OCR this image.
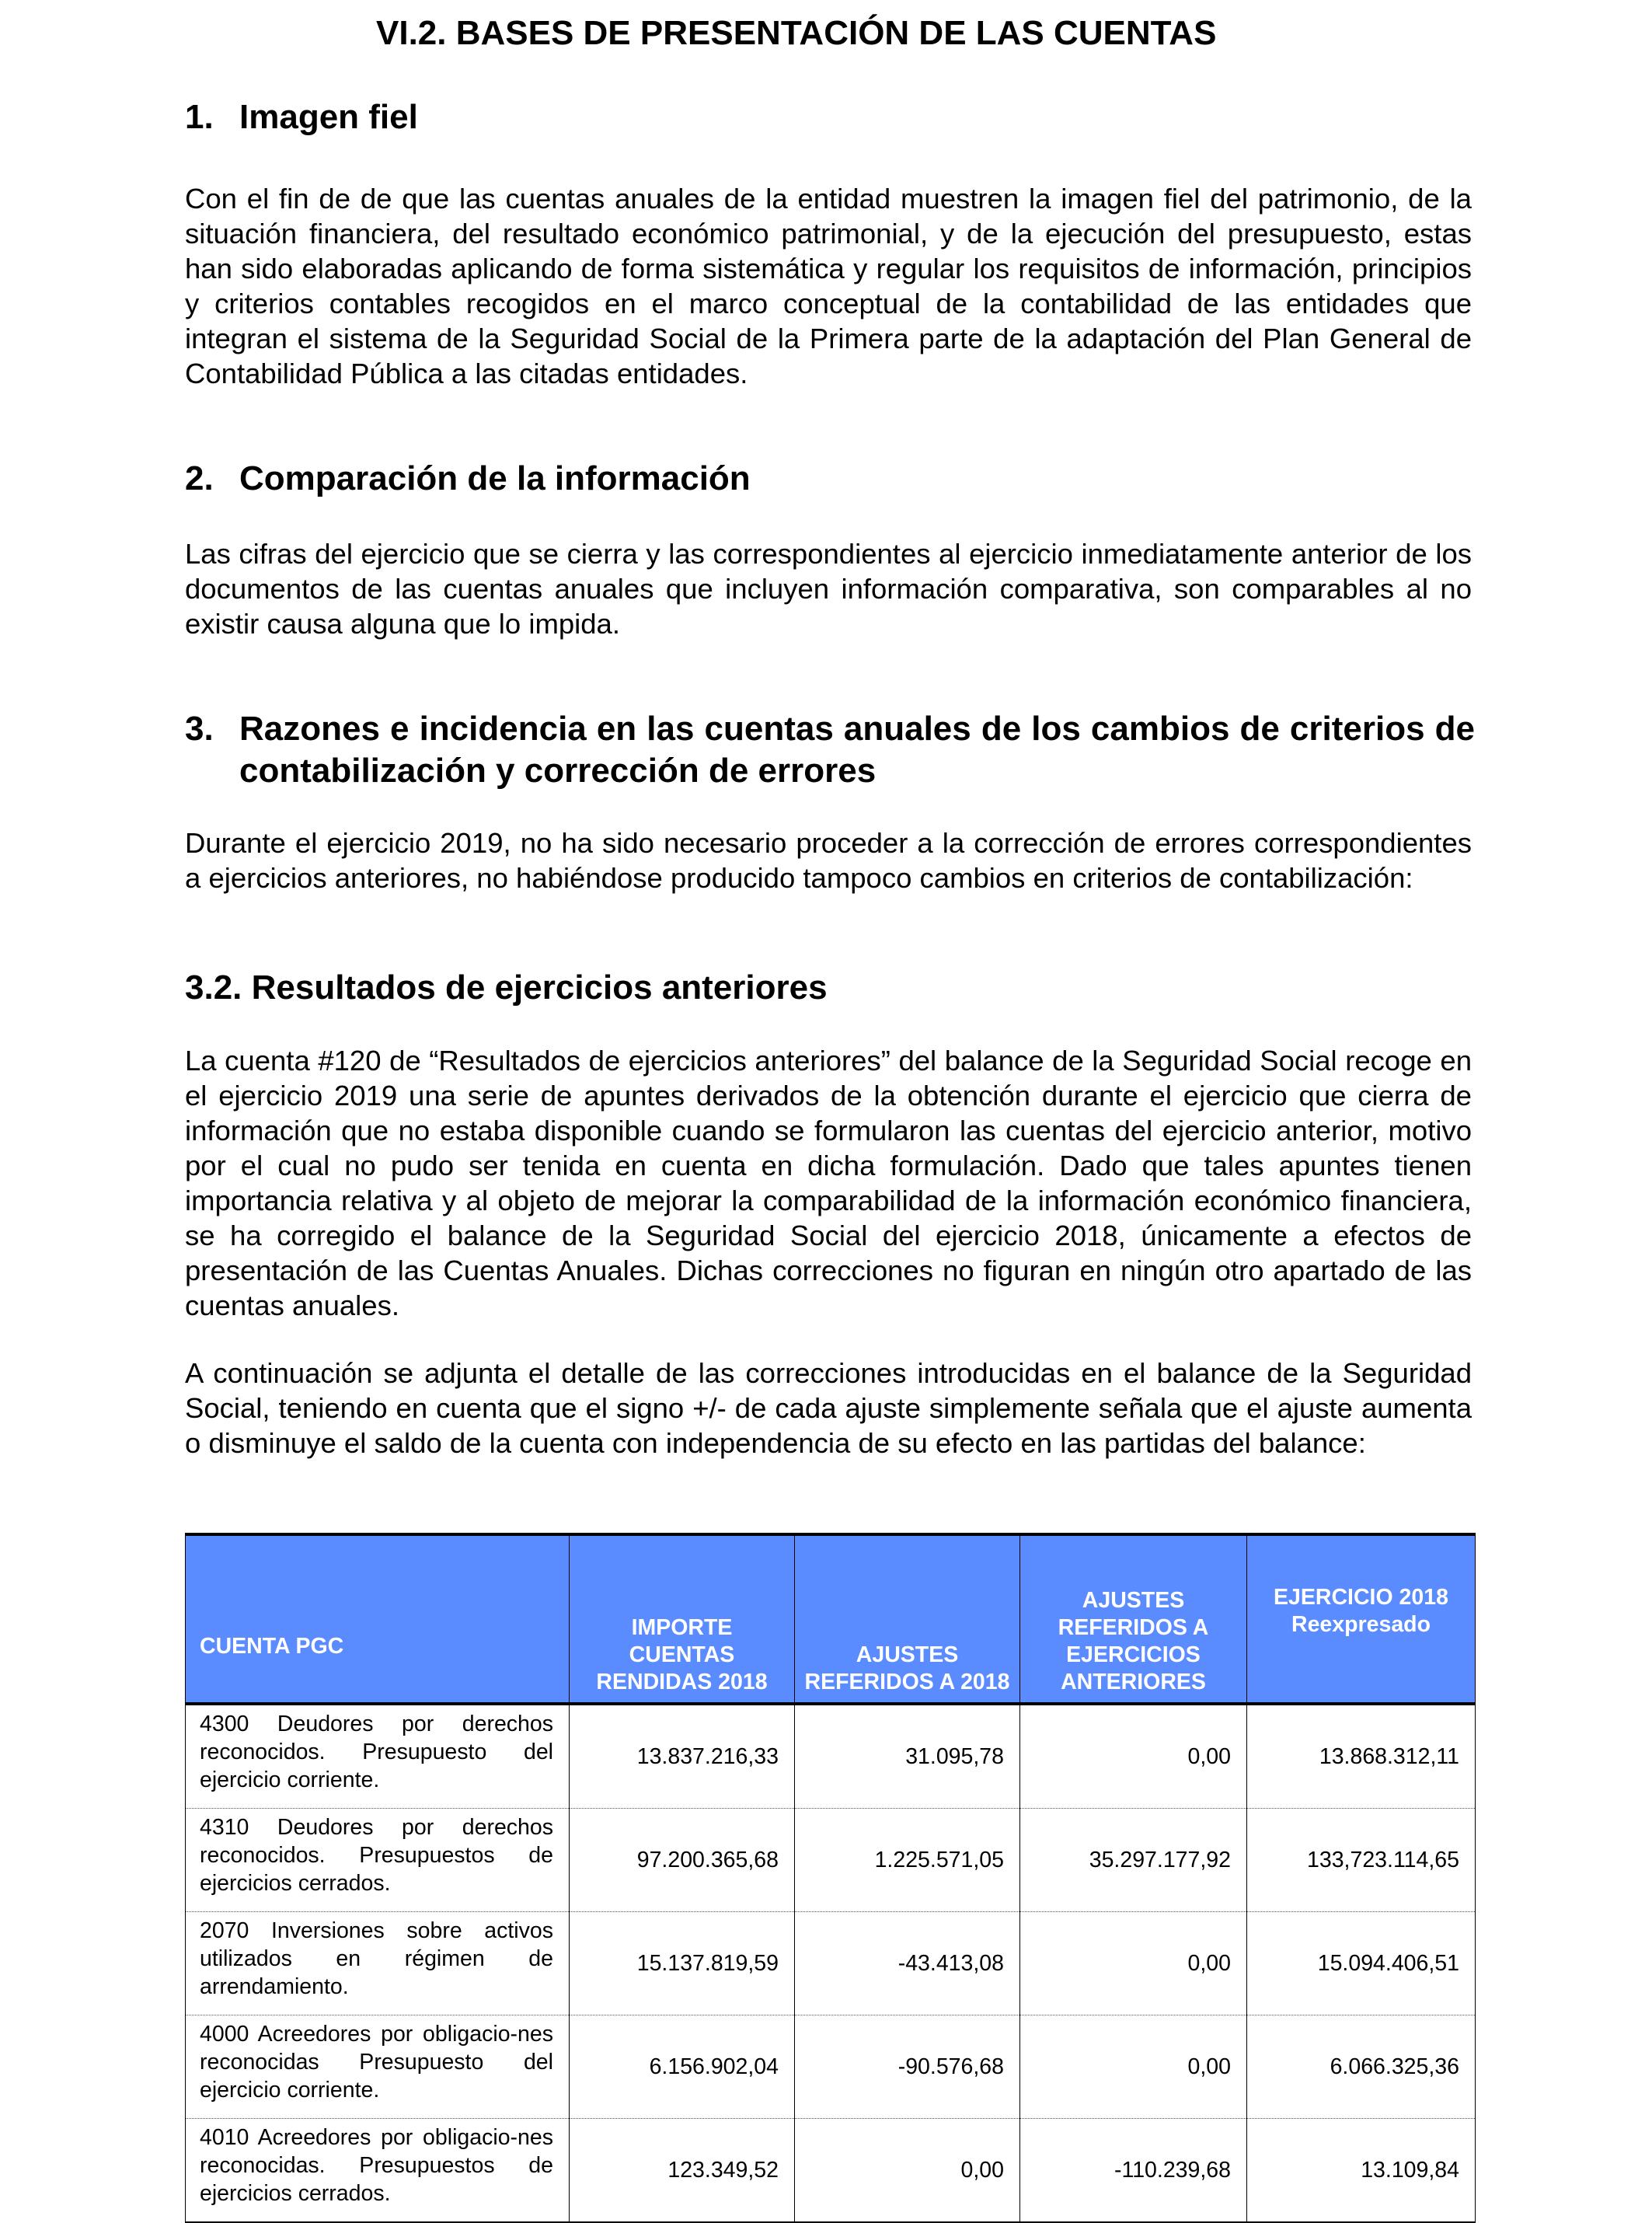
VI.2. BASES DE PRESENTACIÓN DE LAS CUENTAS
1. Imagen fiel

Con el fin de de que las cuentas anuales de la entidad muestren la imagen fiel del patrimonio, de la situación financiera, del resultado económico patrimonial, y de la ejecución del presupuesto, estas han sido elaboradas aplicando de forma sistemática y regular los requisitos de información, principios y criterios contables recogidos en el marco conceptual de la contabilidad de las entidades que integran el sistema de la Seguridad Social de la Primera parte de la adaptación del Plan General de Contabilidad Pública a las citadas entidades.

2. Comparación de la información

Las cifras del ejercicio que se cierra y las correspondientes al ejercicio inmediatamente anterior de los documentos de las cuentas anuales que incluyen información comparativa, son comparables al no existir causa alguna que lo impida.

3. Razones e incidencia en las cuentas anuales de los cambios de criterios de contabilización y corrección de errores

Durante el ejercicio 2019, no ha sido necesario proceder a la corrección de errores correspondientes a ejercicios anteriores, no habiéndose producido tampoco cambios en criterios de contabilización:

3.2. Resultados de ejercicios anteriores

La cuenta #120 de “Resultados de ejercicios anteriores” del balance de la Seguridad Social recoge en el ejercicio 2019 una serie de apuntes derivados de la obtención durante el ejercicio que cierra de información que no estaba disponible cuando se formularon las cuentas del ejercicio anterior, motivo por el cual no pudo ser tenida en cuenta en dicha formulación. Dado que tales apuntes tienen importancia relativa y al objeto de mejorar la comparabilidad de la información económico financiera, se ha corregido el balance de la Seguridad Social del ejercicio 2018, únicamente a efectos de presentación de las Cuentas Anuales. Dichas correcciones no figuran en ningún otro apartado de las cuentas anuales.

A continuación se adjunta el detalle de las correcciones introducidas en el balance de la Seguridad Social, teniendo en cuenta que el signo +/- de cada ajuste simplemente señala que el ajuste aumenta o disminuye el saldo de la cuenta con independencia de su efecto en las partidas del balance:

CUENTA PGC	IMPORTE CUENTAS RENDIDAS 2018	AJUSTES REFERIDOS A 2018	AJUSTES REFERIDOS A EJERCICIOS ANTERIORES	EJERCICIO 2018
Reexpresado
4300 Deudores por derechos reconocidos. Presupuesto del ejercicio corriente.	13.837.216,33	31.095,78	0,00	13.868.312,11
4310 Deudores por derechos reconocidos. Presupuestos de ejercicios cerrados.	97.200.365,68	1.225.571,05	35.297.177,92	133,723.114,65
2070 Inversiones sobre activos utilizados en régimen de arrendamiento.	15.137.819,59	-43.413,08	0,00	15.094.406,51
4000 Acreedores por obligacio-nes reconocidas Presupuesto del ejercicio corriente.	6.156.902,04	-90.576,68	0,00	6.066.325,36
4010 Acreedores por obligacio-nes reconocidas. Presupuestos de ejercicios cerrados.	123.349,52	0,00	-110.239,68	13.109,84
